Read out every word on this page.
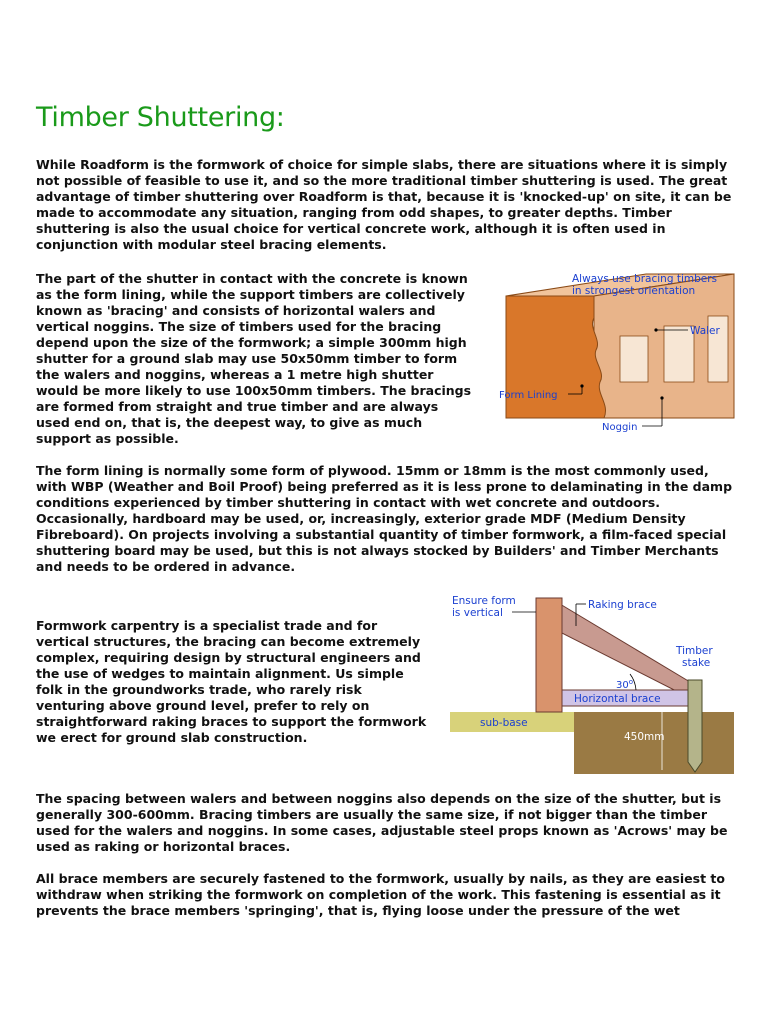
Timber Shuttering:

While Roadform is the formwork of choice for simple slabs, there are situations where it is simply not possible of feasible to use it, and so the more traditional timber shuttering is used. The great advantage of timber shuttering over Roadform is that, because it is 'knocked-up' on site, it can be made to accommodate any situation, ranging from odd shapes, to greater depths. Timber shuttering is also the usual choice for vertical concrete work, although it is often used in conjunction with modular steel bracing elements.

The part of the shutter in contact with the concrete is known as the form lining, while the support timbers are collectively known as 'bracing' and consists of horizontal walers and vertical noggins. The size of timbers used for the bracing depend upon the size of the formwork; a simple 300mm high shutter for a ground slab may use 50x50mm timber to form the walers and noggins, whereas a 1 metre high shutter would be more likely to use 100x50mm timbers. The bracings are formed from straight and true timber and are always used end on, that is, the deepest way, to give as much support as possible.

Always use bracing timbers
in strongest orientation
Waler
Form Lining
Noggin

The form lining is normally some form of plywood. 15mm or 18mm is the most commonly used, with WBP (Weather and Boil Proof) being preferred as it is less prone to delaminating in the damp conditions experienced by timber shuttering in contact with wet concrete and outdoors. Occasionally, hardboard may be used, or, increasingly, exterior grade MDF (Medium Density Fibreboard). On projects involving a substantial quantity of timber formwork, a film-faced special shuttering board may be used, but this is not always stocked by Builders' and Timber Merchants and needs to be ordered in advance.

Formwork carpentry is a specialist trade and for vertical structures, the bracing can become extremely complex, requiring design by structural engineers and the use of wedges to maintain alignment. Us simple folk in the groundworks trade, who rarely risk venturing above ground level, prefer to rely on straightforward raking braces to support the formwork we erect for ground slab construction.

Ensure form
is vertical
Raking brace
Timber
stake
30$^o$
Horizontal brace
sub-base
450mm

The spacing between walers and between noggins also depends on the size of the shutter, but is generally 300-600mm. Bracing timbers are usually the same size, if not bigger than the timber used for the walers and noggins. In some cases, adjustable steel props known as 'Acrows' may be used as raking or horizontal braces.

All brace members are securely fastened to the formwork, usually by nails, as they are easiest to withdraw when striking the formwork on completion of the work. This fastening is essential as it prevents the brace members 'springing', that is, flying loose under the pressure of the wet
